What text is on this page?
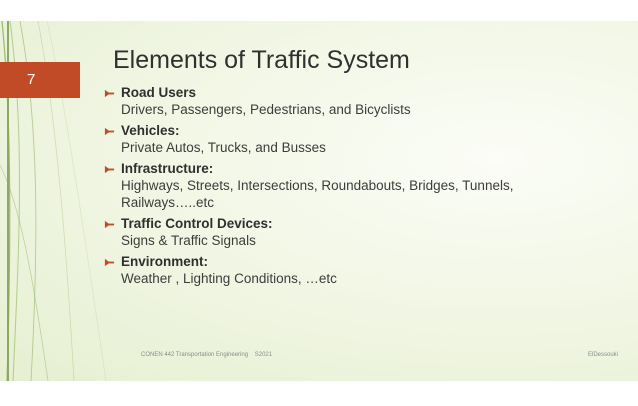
7
Elements of Traffic System
Road Users
Drivers, Passengers, Pedestrians, and Bicyclists
Vehicles:
Private Autos, Trucks, and Busses
Infrastructure:
Highways, Streets, Intersections, Roundabouts, Bridges, Tunnels, Railways…..etc
Traffic Control Devices:
Signs & Traffic Signals
Environment:
Weather , Lighting Conditions, …etc
CONEN 442 Transportation Engineering    S2021	ElDessouki
